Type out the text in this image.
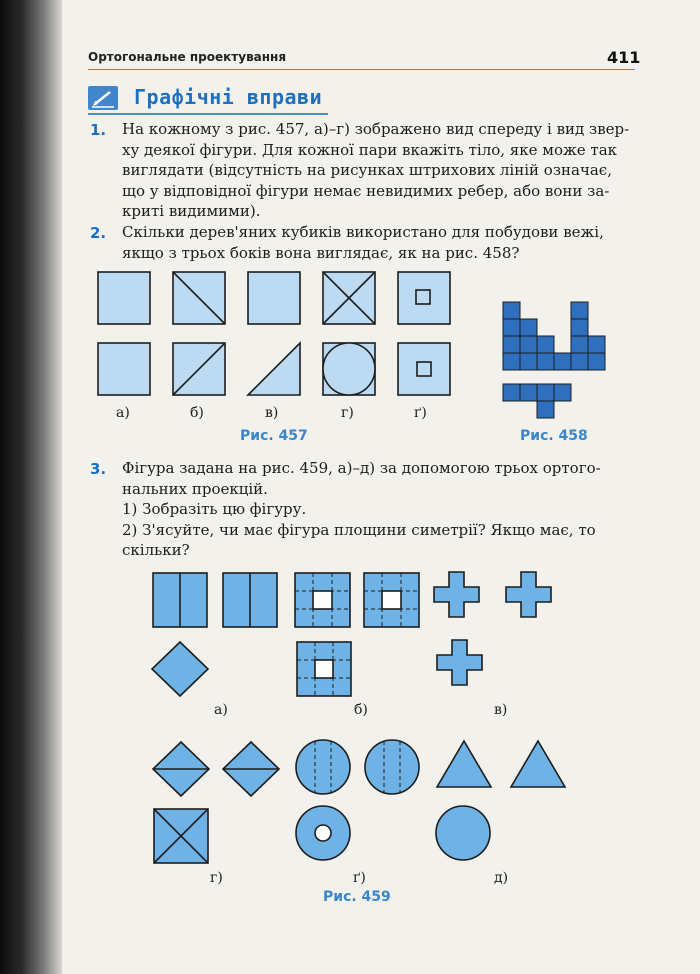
Ортогональне проектування	411
Графічні вправи
1. На кожному з рис. 457, а)–г) зображено вид спереду і вид звер-
ху деякої фігури. Для кожної пари вкажіть тіло, яке може так
виглядати (відсутність на рисунках штрихових ліній означає,
що у відповідної фігури немає невидимих ребер, або вони за-
криті видимими).
2. Скільки дерев'яних кубиків використано для побудови вежі,
якщо з трьох боків вона виглядає, як на рис. 458?
а)	б)	в)	г)	ґ)
Рис. 457	Рис. 458
3. Фігура задана на рис. 459, а)–д) за допомогою трьох ортого-
нальних проекцій.
1) Зобразіть цю фігуру.
2) З'ясуйте, чи має фігура площини симетрії? Якщо має, то
скільки?
а)	б)	в)
г)	ґ)	д)
Рис. 459
